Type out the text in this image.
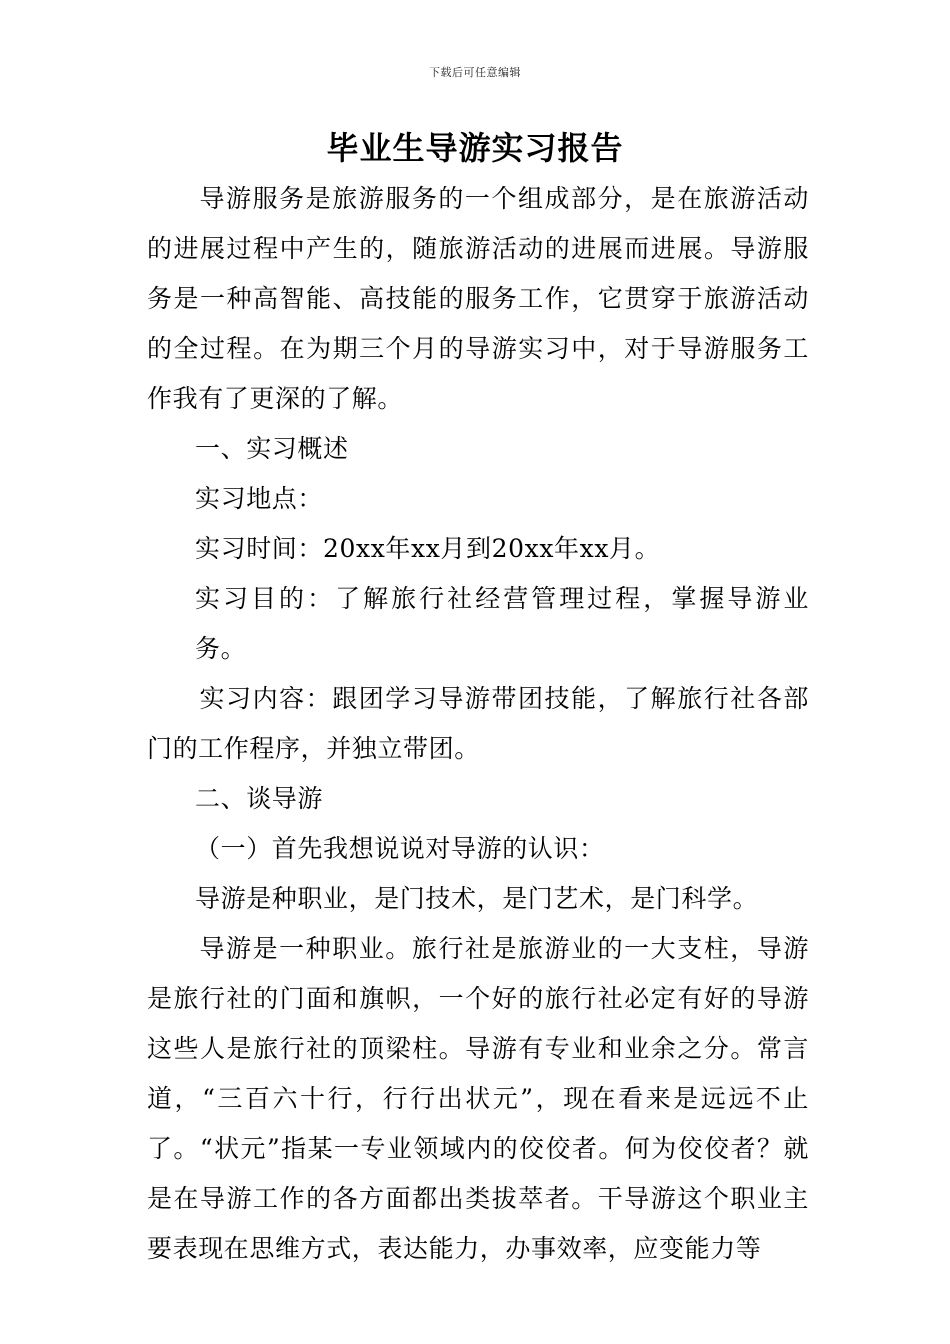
下载后可任意编辑
毕业生导游实习报告

导游服务是旅游服务的一个组成部分，是在旅游活动的进展过程中产生的，随旅游活动的进展而进展。导游服务是一种高智能、高技能的服务工作，它贯穿于旅游活动的全过程。在为期三个月的导游实习中，对于导游服务工作我有了更深的了解。

一、实习概述

实习地点：

实习时间：20xx年xx月到20xx年xx月。

实习目的：了解旅行社经营管理过程，掌握导游业务。

实习内容：跟团学习导游带团技能，了解旅行社各部门的工作程序，并独立带团。

二、谈导游

（一）首先我想说说对导游的认识：

导游是种职业，是门技术，是门艺术，是门科学。

导游是一种职业。旅行社是旅游业的一大支柱，导游是旅行社的门面和旗帜，一个好的旅行社必定有好的导游这些人是旅行社的顶梁柱。导游有专业和业余之分。常言道，“三百六十行，行行出状元”，现在看来是远远不止了。“状元”指某一专业领域内的佼佼者。何为佼佼者？就是在导游工作的各方面都出类拔萃者。干导游这个职业主要表现在思维方式，表达能力，办事效率，应变能力等
